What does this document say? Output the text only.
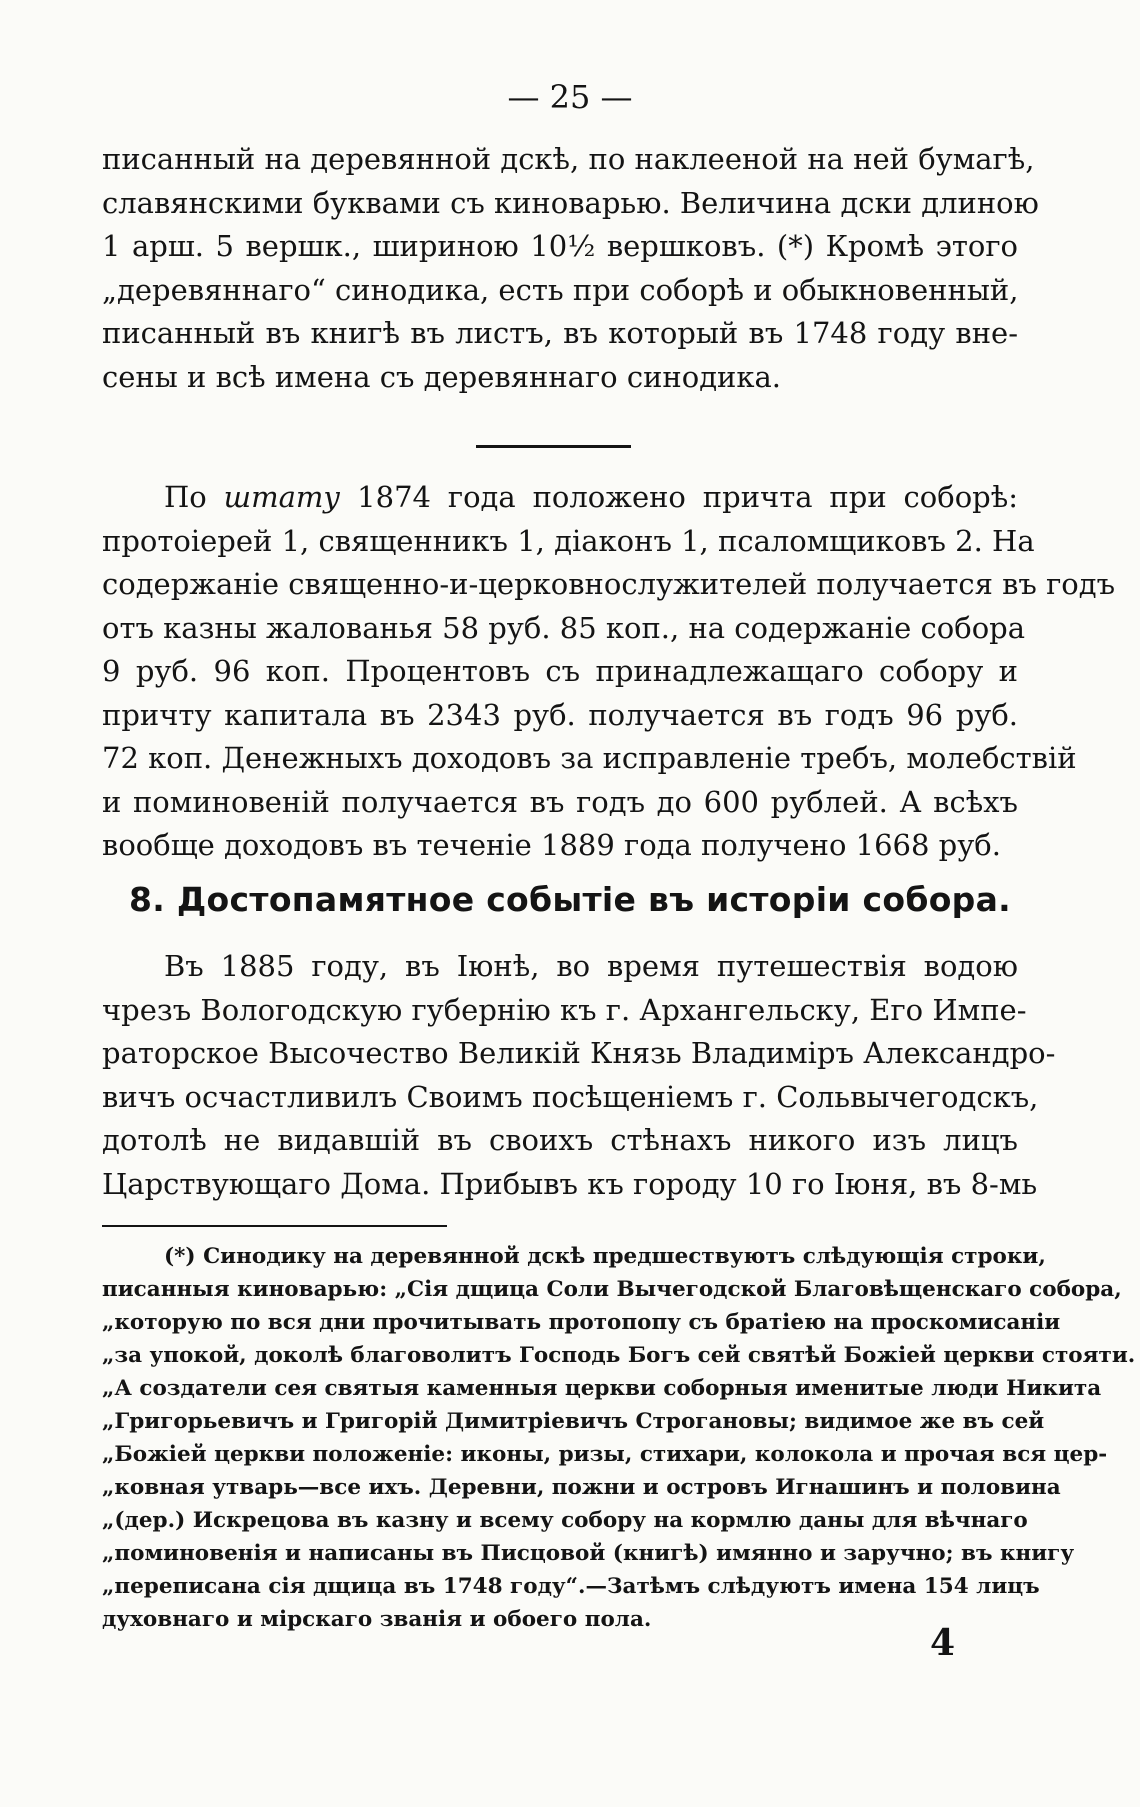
— 25 —
писанный на деревянной дскѣ, по наклееной на ней бумагѣ,
славянскими буквами съ киноварью. Величина дски длиною
1 арш. 5 вершк., шириною 10½ вершковъ. (*) Кромѣ этого
„деревяннаго“ синодика, есть при соборѣ и обыкновенный,
писанный въ книгѣ въ листъ, въ который въ 1748 году вне-
сены и всѣ имена съ деревяннаго синодика.
По штату 1874 года положено причта при соборѣ:
протоіерей 1, священникъ 1, діаконъ 1, псаломщиковъ 2. На
содержаніе священно-и-церковнослужителей получается въ годъ
отъ казны жалованья 58 руб. 85 коп., на содержаніе собора
9 руб. 96 коп. Процентовъ съ принадлежащаго собору и
причту капитала въ 2343 руб. получается въ годъ 96 руб.
72 коп. Денежныхъ доходовъ за исправленіе требъ, молебствій
и поминовеній получается въ годъ до 600 рублей. А всѣхъ
вообще доходовъ въ теченіе 1889 года получено 1668 руб.
8. Достопамятное событіе въ исторіи собора.
Въ 1885 году, въ Іюнѣ, во время путешествія водою
чрезъ Вологодскую губернію къ г. Архангельску, Его Импе-
раторское Высочество Великій Князь Владиміръ Александро-
вичъ осчастливилъ Своимъ посѣщеніемъ г. Сольвычегодскъ,
дотолѣ не видавшій въ своихъ стѣнахъ никого изъ лицъ
Царствующаго Дома. Прибывъ къ городу 10 го Іюня, въ 8-мь
(*) Синодику на деревянной дскѣ предшествуютъ слѣдующія строки,
писанныя киноварью: „Сія дщица Соли Вычегодской Благовѣщенскаго собора,
„которую по вся дни прочитывать протопопу съ братіею на проскомисаніи
„за упокой, доколѣ благоволитъ Господь Богъ сей святѣй Божіей церкви стояти.
„А создатели сея святыя каменныя церкви соборныя именитые люди Никита
„Григорьевичъ и Григорій Димитріевичъ Строгановы; видимое же въ сей
„Божіей церкви положеніе: иконы, ризы, стихари, колокола и прочая вся цер-
„ковная утварь—все ихъ. Деревни, пожни и островъ Игнашинъ и половина
„(дер.) Искрецова въ казну и всему собору на кормлю даны для вѣчнаго
„поминовенія и написаны въ Писцовой (книгѣ) имянно и заручно; въ книгу
„переписана сія дщица въ 1748 году“.—Затѣмъ слѣдуютъ имена 154 лицъ
духовнаго и мірскаго званія и обоего пола.
4
